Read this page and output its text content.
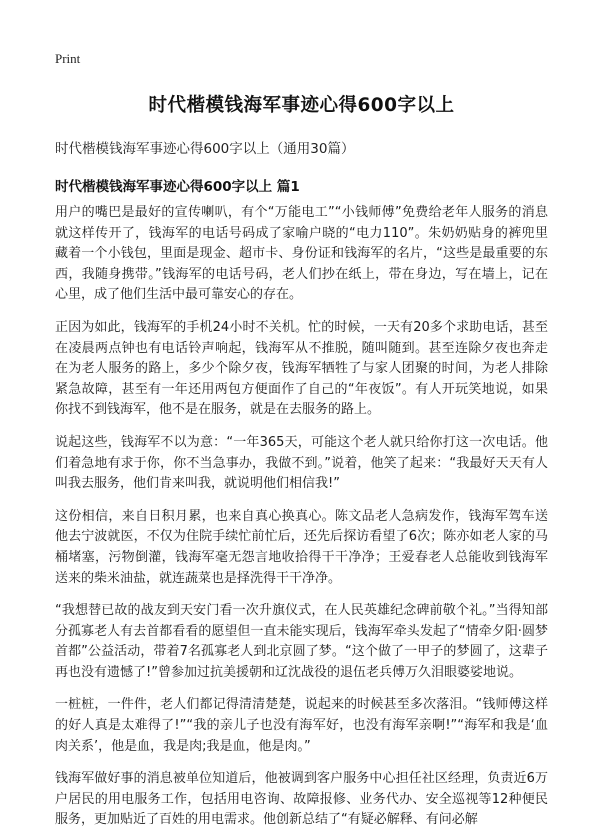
Print
时代楷模钱海军事迹心得600字以上
时代楷模钱海军事迹心得600字以上（通用30篇）
时代楷模钱海军事迹心得600字以上 篇1

用户的嘴巴是最好的宣传喇叭，有个“万能电工”“小钱师傅”免费给老年人服务的消息就这样传开了，钱海军的电话号码成了家喻户晓的“电力110”。朱奶奶贴身的裤兜里藏着一个小钱包，里面是现金、超市卡、身份证和钱海军的名片，“这些是最重要的东西，我随身携带。”钱海军的电话号码，老人们抄在纸上，带在身边，写在墙上，记在心里，成了他们生活中最可靠安心的存在。

正因为如此，钱海军的手机24小时不关机。忙的时候，一天有20多个求助电话，甚至在凌晨两点钟也有电话铃声响起，钱海军从不推脱，随叫随到。甚至连除夕夜也奔走在为老人服务的路上，多少个除夕夜，钱海军牺牲了与家人团聚的时间，为老人排除紧急故障，甚至有一年还用两包方便面作了自己的“年夜饭”。有人开玩笑地说，如果你找不到钱海军，他不是在服务，就是在去服务的路上。

说起这些，钱海军不以为意：“一年365天，可能这个老人就只给你打这一次电话。他们着急地有求于你，你不当急事办，我做不到。”说着，他笑了起来：“我最好天天有人叫我去服务，他们肯来叫我，就说明他们相信我!”

这份相信，来自日积月累，也来自真心换真心。陈文品老人急病发作，钱海军驾车送他去宁波就医，不仅为住院手续忙前忙后，还先后探访看望了6次；陈亦如老人家的马桶堵塞，污物倒灌，钱海军毫无怨言地收拾得干干净净；王爱春老人总能收到钱海军送来的柴米油盐，就连蔬菜也是择洗得干干净净。

“我想替已故的战友到天安门看一次升旗仪式，在人民英雄纪念碑前敬个礼。”当得知部分孤寡老人有去首都看看的愿望但一直未能实现后，钱海军牵头发起了“情牵夕阳·圆梦首都”公益活动，带着7名孤寡老人到北京圆了梦。“这个做了一甲子的梦圆了，这辈子再也没有遗憾了!”曾参加过抗美援朝和辽沈战役的退伍老兵傅万久泪眼婆娑地说。

一桩桩，一件件，老人们都记得清清楚楚，说起来的时候甚至多次落泪。“钱师傅这样的好人真是太难得了!”“我的亲儿子也没有海军好，也没有海军亲啊!”“海军和我是‘血肉关系’，他是血，我是肉;我是血，他是肉。”

钱海军做好事的消息被单位知道后，他被调到客户服务中心担任社区经理，负责近6万户居民的用电服务工作，包括用电咨询、故障报修、业务代办、安全巡视等12种便民服务，更加贴近了百姓的用电需求。他创新总结了“有疑必解释、有问必解
